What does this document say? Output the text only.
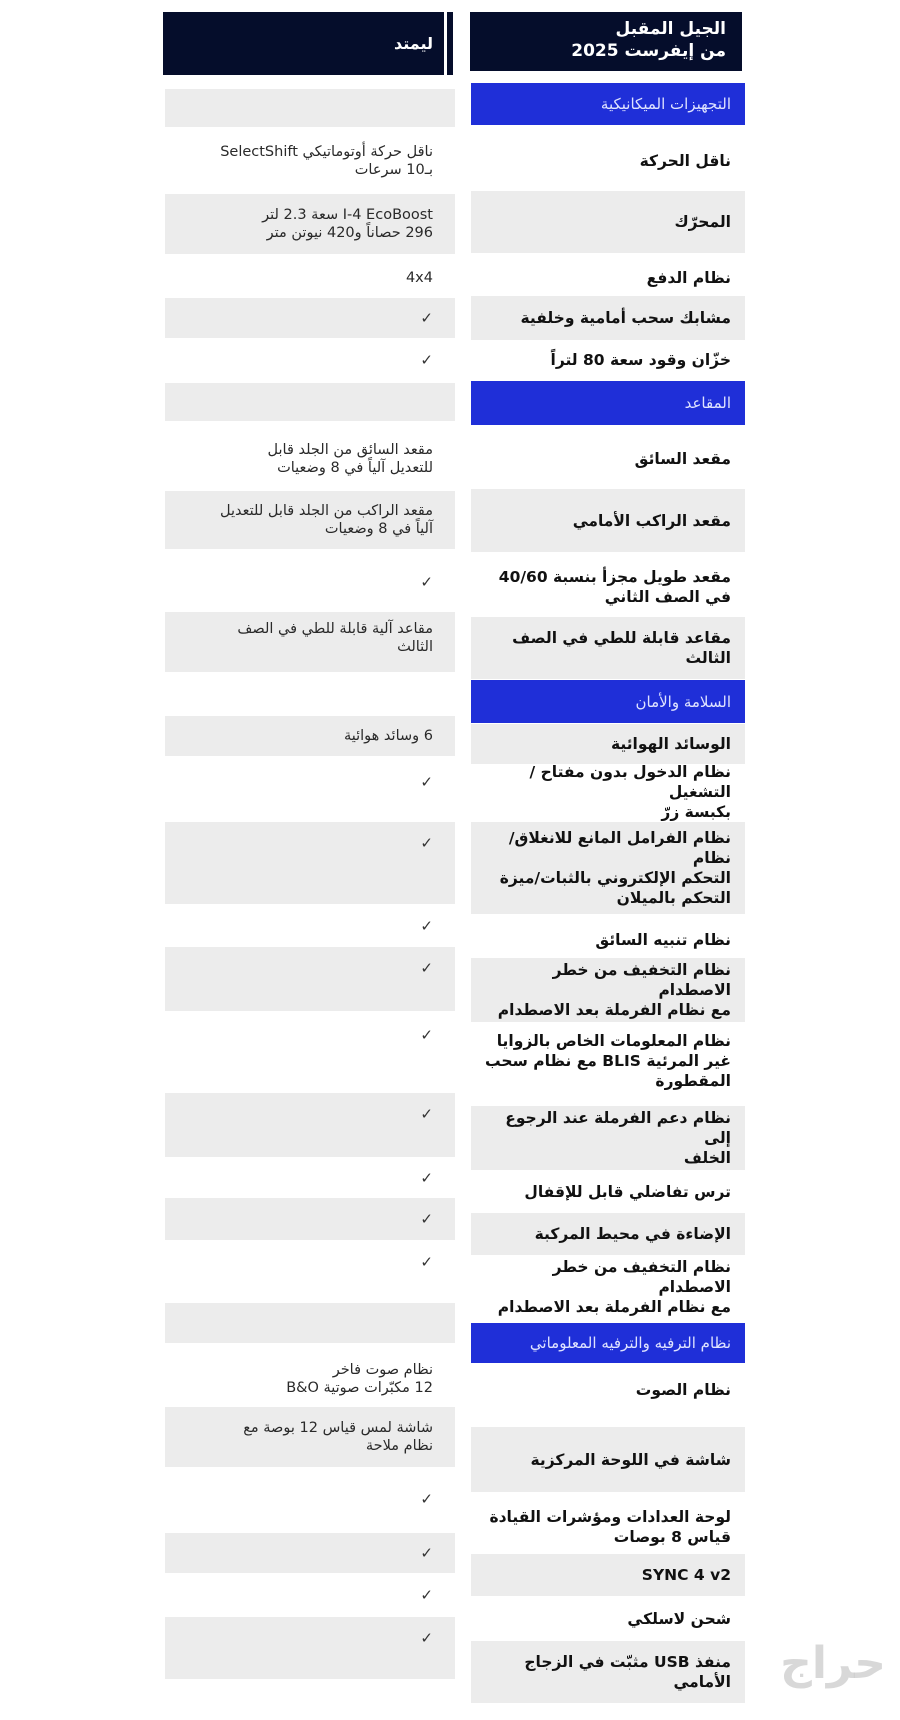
الجيل المقبل
من إيفرست 2025
ليمتد
التجهيزات الميكانيكية
ناقل الحركة
ناقل حركة أوتوماتيكي SelectShift
بـ10 سرعات
المحرّك
I-4 EcoBoost سعة 2.3 لتر
296 حصاناً و420 نيوتن متر
نظام الدفع
4x4
مشابك سحب أمامية وخلفية
✓
خزّان وقود سعة 80 لتراً
✓
المقاعد
مقعد السائق
مقعد السائق من الجلد قابل
للتعديل آلياً في 8 وضعيات
مقعد الراكب الأمامي
مقعد الراكب من الجلد قابل للتعديل
آلياً في 8 وضعيات
مقعد طويل مجزأ بنسبة 40/60
في الصف الثاني
✓
مقاعد قابلة للطي في الصف
الثالث
مقاعد آلية قابلة للطي في الصف
الثالث
السلامة والأمان
الوسائد الهوائية
6 وسائد هوائية
نظام الدخول بدون مفتاح /التشغيل
بكبسة زرّ
✓
نظام الفرامل المانع للانغلاق/نظام
التحكم الإلكتروني بالثبات/ميزة
التحكم بالميلان
✓
نظام تنبيه السائق
✓
نظام التخفيف من خطر الاصطدام
مع نظام الفرملة بعد الاصطدام
✓
نظام المعلومات الخاص بالزوايا
غير المرئية BLIS مع نظام سحب
المقطورة
✓
نظام دعم الفرملة عند الرجوع إلى
الخلف
✓
ترس تفاضلي قابل للإقفال
✓
الإضاءة في محيط المركبة
✓
نظام التخفيف من خطر الاصطدام
مع نظام الفرملة بعد الاصطدام
✓
نظام الترفيه والترفيه المعلوماتي
نظام الصوت
نظام صوت فاخر
12 مكبّرات صوتية B&O
شاشة في اللوحة المركزية
شاشة لمس قياس 12 بوصة مع
نظام ملاحة
لوحة العدادات ومؤشرات القيادة
قياس 8 بوصات
✓
SYNC 4 v2
✓
شحن لاسلكي
✓
منفذ USB مثبّت في الزجاج
الأمامي
✓	حراج
